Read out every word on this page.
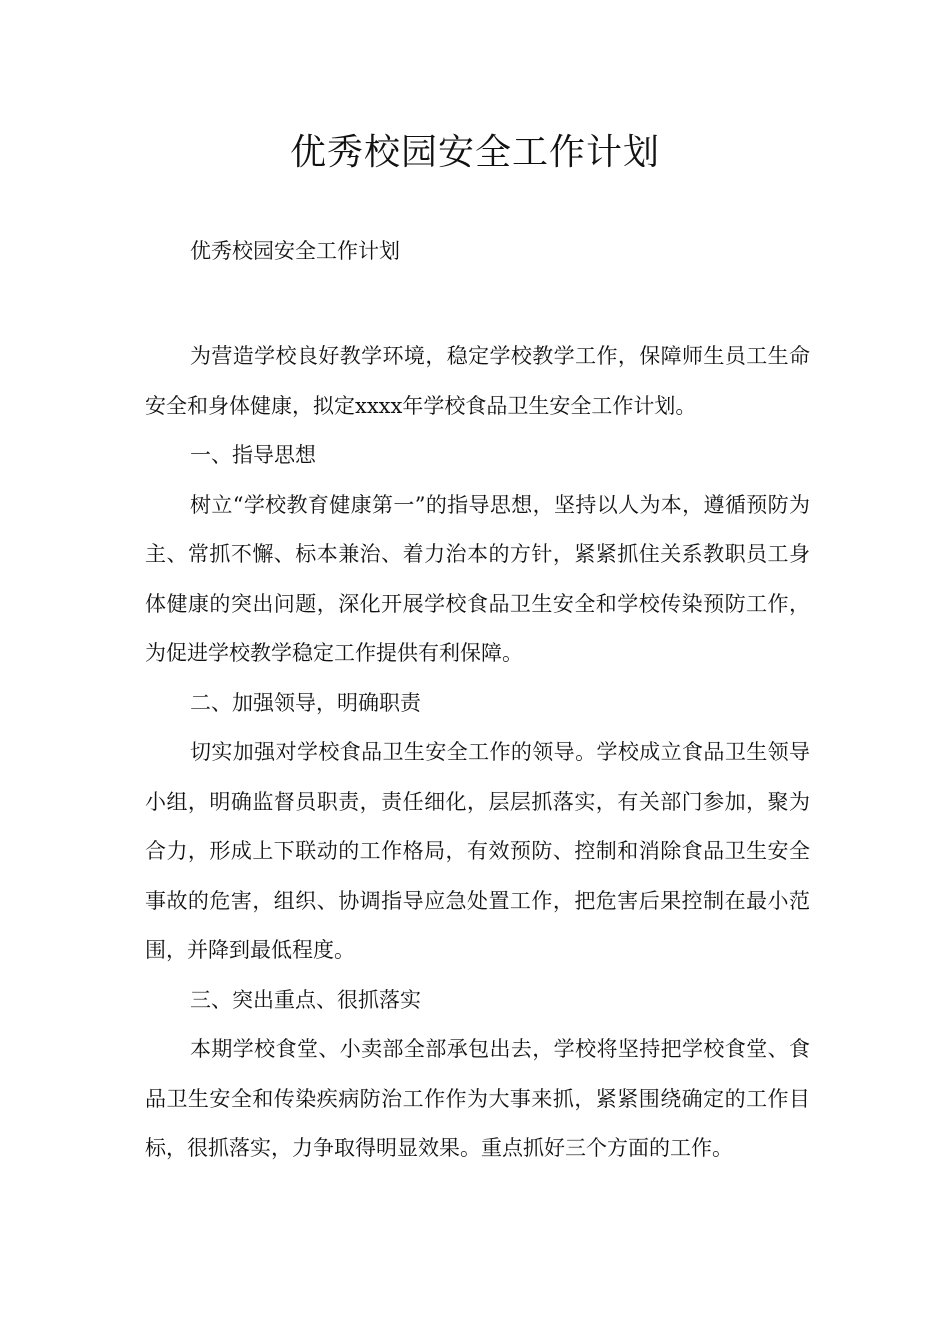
优秀校园安全工作计划

优秀校园安全工作计划

为营造学校良好教学环境，稳定学校教学工作，保障师生员工生命安全和身体健康，拟定xxxx年学校食品卫生安全工作计划。

一、指导思想

树立“学校教育健康第一”的指导思想，坚持以人为本，遵循预防为主、常抓不懈、标本兼治、着力治本的方针，紧紧抓住关系教职员工身体健康的突出问题，深化开展学校食品卫生安全和学校传染预防工作，为促进学校教学稳定工作提供有利保障。

二、加强领导，明确职责

切实加强对学校食品卫生安全工作的领导。学校成立食品卫生领导小组，明确监督员职责，责任细化，层层抓落实，有关部门参加，聚为合力，形成上下联动的工作格局，有效预防、控制和消除食品卫生安全事故的危害，组织、协调指导应急处置工作，把危害后果控制在最小范围，并降到最低程度。

三、突出重点、很抓落实

本期学校食堂、小卖部全部承包出去，学校将坚持把学校食堂、食品卫生安全和传染疾病防治工作作为大事来抓，紧紧围绕确定的工作目标，很抓落实，力争取得明显效果。重点抓好三个方面的工作。
